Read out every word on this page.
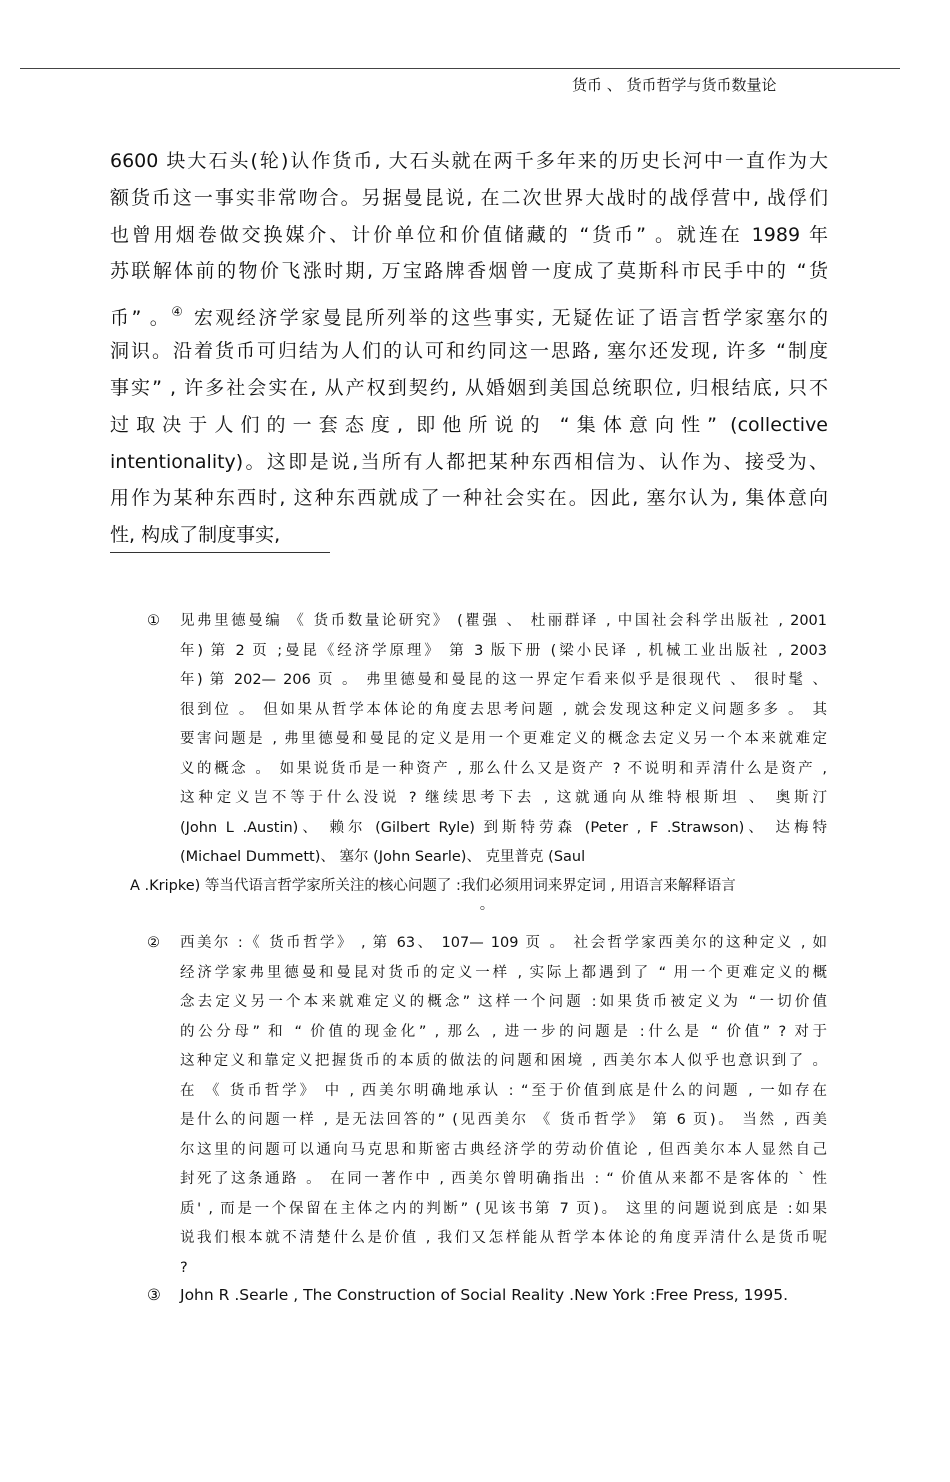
货币 、 货币哲学与货币数量论
6600 块大石头(轮)认作货币, 大石头就在两千多年来的历史长河中一直作为大
额货币这一事实非常吻合。另据曼昆说, 在二次世界大战时的战俘营中, 战俘们
也曾用烟卷做交换媒介、计价单位和价值储藏的 “货币” 。就连在 1989 年
苏联解体前的物价飞涨时期, 万宝路牌香烟曾一度成了莫斯科市民手中的 “货
币” 。④ 宏观经济学家曼昆所列举的这些事实, 无疑佐证了语言哲学家塞尔的
洞识。沿着货币可归结为人们的认可和约同这一思路, 塞尔还发现, 许多 “制度
事实” , 许多社会实在, 从产权到契约, 从婚姻到美国总统职位, 归根结底, 只不
过取决于人们的一套态度, 即他所说的 “集体意向性” (collective
intentionality)。这即是说,当所有人都把某种东西相信为、认作为、接受为、
用作为某种东西时, 这种东西就成了一种社会实在。因此, 塞尔认为, 集体意向
性, 构成了制度事实,
① 见弗里德曼编 《 货币数量论研究》 (瞿强 、 杜丽群译 , 中国社会科学出版社 , 2001
年) 第 2 页 ;曼昆《经济学原理》 第 3 版下册 (梁小民译 , 机械工业出版社 , 2003
年) 第 202— 206 页 。 弗里德曼和曼昆的这一界定乍看来似乎是很现代 、 很时髦 、
很到位 。 但如果从哲学本体论的角度去思考问题 , 就会发现这种定义问题多多 。 其
要害问题是 , 弗里德曼和曼昆的定义是用一个更难定义的概念去定义另一个本来就难定
义的概念 。 如果说货币是一种资产 , 那么什么又是资产 ? 不说明和弄清什么是资产 ,
这种定义岂不等于什么没说 ? 继续思考下去 , 这就通向从维特根斯坦 、 奥斯汀
(John L .Austin)、 赖尔 (Gilbert Ryle) 到斯特劳森 (Peter , F .Strawson)、 达梅特
(Michael Dummett)、 塞尔 (John Searle)、 克里普克 (Saul
A .Kripke) 等当代语言哲学家所关注的核心问题了 :我们必须用词来界定词 , 用语言来解释语言
。
② 西美尔 :《 货币哲学》 , 第 63、 107— 109 页 。 社会哲学家西美尔的这种定义 , 如
经济学家弗里德曼和曼昆对货币的定义一样 , 实际上都遇到了 “ 用一个更难定义的概
念去定义另一个本来就难定义的概念” 这样一个问题 :如果货币被定义为 “一切价值
的公分母” 和 “ 价值的现金化” , 那么 , 进一步的问题是 :什么是 “ 价值” ? 对于
这种定义和靠定义把握货币的本质的做法的问题和困境 , 西美尔本人似乎也意识到了 。
在 《 货币哲学》 中 , 西美尔明确地承认 : “至于价值到底是什么的问题 , 一如存在
是什么的问题一样 , 是无法回答的” (见西美尔 《 货币哲学》 第 6 页)。 当然 , 西美
尔这里的问题可以通向马克思和斯密古典经济学的劳动价值论 , 但西美尔本人显然自己
封死了这条通路 。 在同一著作中 , 西美尔曾明确指出 : “ 价值从来都不是客体的 ` 性
质' , 而是一个保留在主体之内的判断” (见该书第 7 页)。 这里的问题说到底是 :如果
说我们根本就不清楚什么是价值 , 我们又怎样能从哲学本体论的角度弄清什么是货币呢
?
③ John R .Searle , The Construction of Social Reality .New York :Free Press, 1995.
